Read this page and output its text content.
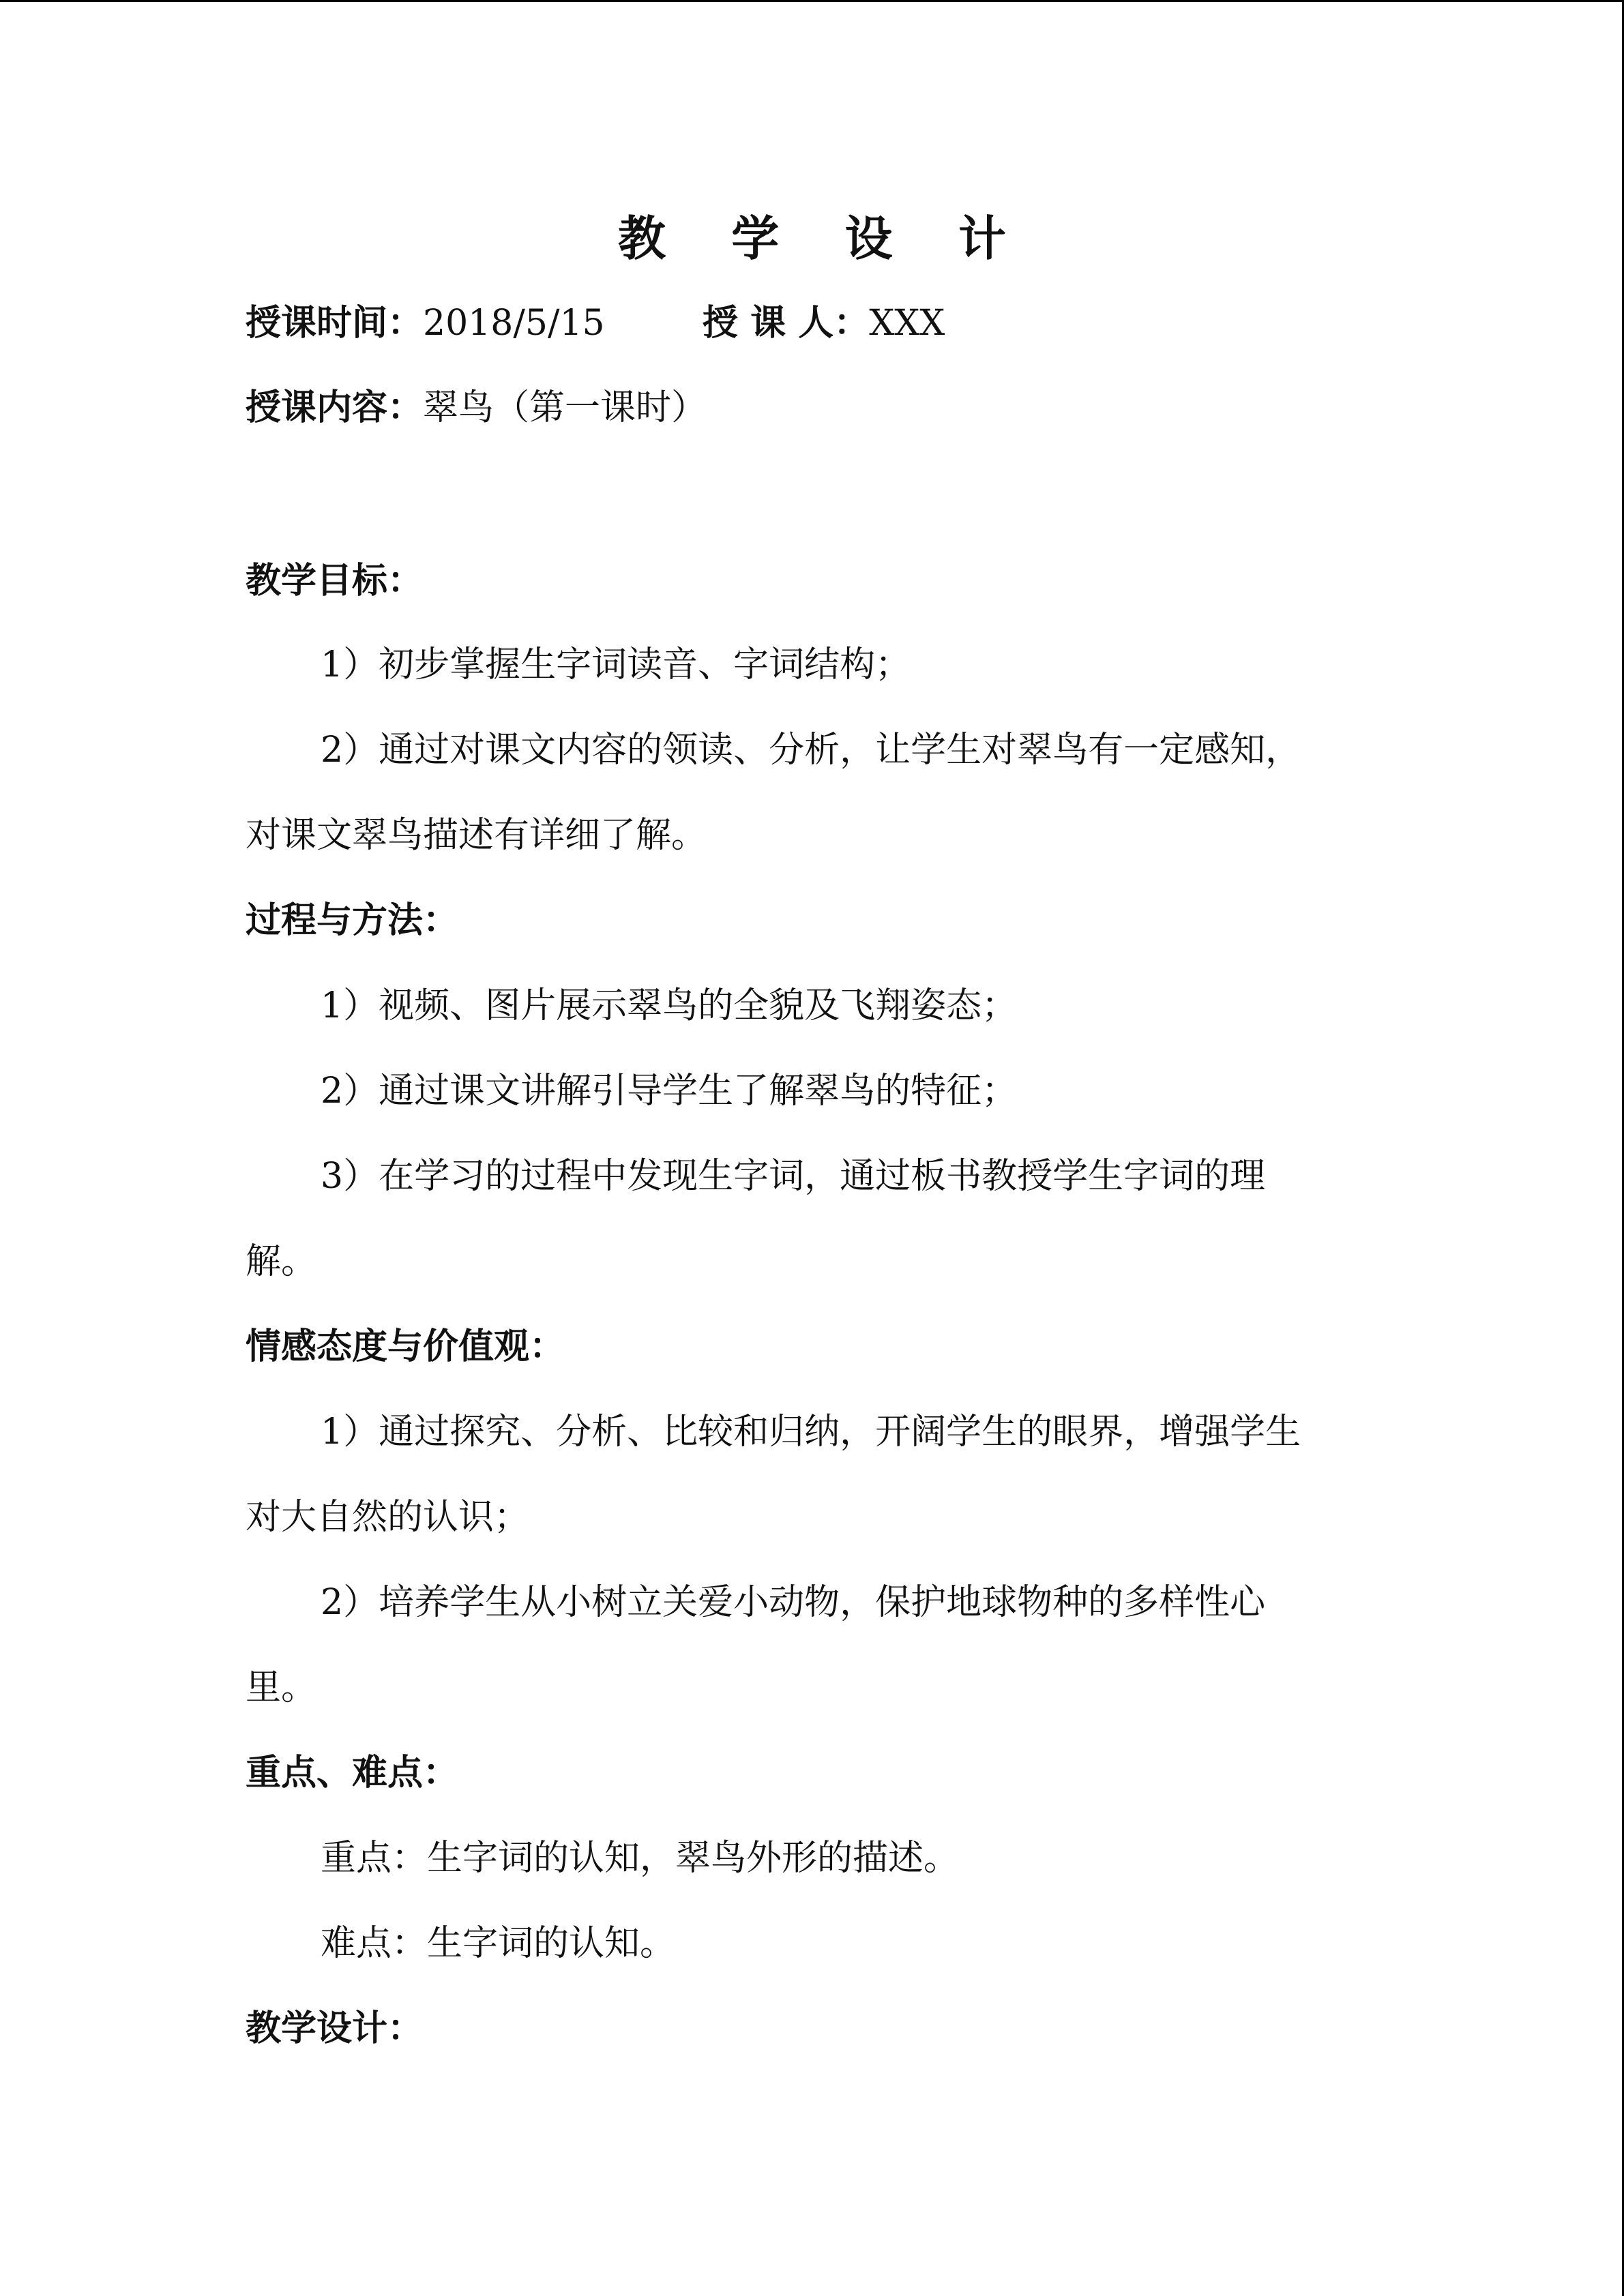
教 学 设 计
授课时间：2018/5/15	授 课 人：XXX
授课内容：翠鸟（第一课时）
教学目标：
1）初步掌握生字词读音、字词结构；
2）通过对课文内容的领读、分析，让学生对翠鸟有一定感知，
对课文翠鸟描述有详细了解。
过程与方法：
1）视频、图片展示翠鸟的全貌及飞翔姿态；
2）通过课文讲解引导学生了解翠鸟的特征；
3）在学习的过程中发现生字词，通过板书教授学生字词的理
解。
情感态度与价值观：
1）通过探究、分析、比较和归纳，开阔学生的眼界，增强学生
对大自然的认识；
2）培养学生从小树立关爱小动物，保护地球物种的多样性心
里。
重点、难点：
重点：生字词的认知，翠鸟外形的描述。
难点：生字词的认知。
教学设计：
